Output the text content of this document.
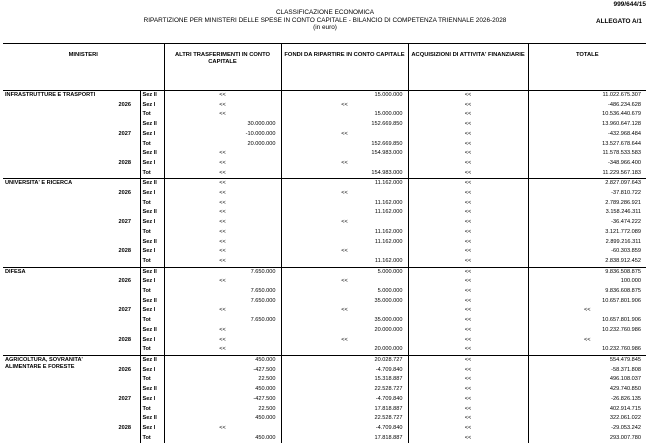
999/644/15
CLASSIFICAZIONE ECONOMICA
RIPARTIZIONE PER MINISTERI DELLE SPESE IN CONTO CAPITALE - BILANCIO DI COMPETENZA TRIENNALE 2026-2028
(in euro)
ALLEGATO A/1
MINISTERI			ALTRI TRASFERIMENTI IN CONTO CAPITALE	FONDI DA RIPARTIRE IN CONTO CAPITALE	ACQUISIZIONI DI ATTIVITA' FINANZIARIE	TOTALE
INFRASTRUTTURE E TRASPORTI	2026	Sez II	<<	15.000.000	<<	11.022.675.307
		Sez I	<<	<<	<<	-486.234.628
		Tot	<<	15.000.000	<<	10.536.440.679
	2027	Sez II	30.000.000	152.669.850	<<	13.960.647.128
		Sez I	-10.000.000	<<	<<	-432.968.484
		Tot	20.000.000	152.669.850	<<	13.527.678.644
	2028	Sez II	<<	154.983.000	<<	11.578.533.583
		Sez I	<<	<<	<<	-348.966.400
		Tot	<<	154.983.000	<<	11.229.567.183
UNIVERSITA' E RICERCA	2026	Sez II	<<	11.162.000	<<	2.827.097.643
		Sez I	<<	<<	<<	-37.810.722
		Tot	<<	11.162.000	<<	2.789.286.921
	2027	Sez II	<<	11.162.000	<<	3.158.246.311
		Sez I	<<	<<	<<	-36.474.222
		Tot	<<	11.162.000	<<	3.121.772.089
	2028	Sez II	<<	11.162.000	<<	2.899.216.311
		Sez I	<<	<<	<<	-60.303.859
		Tot	<<	11.162.000	<<	2.838.912.452
DIFESA	2026	Sez II	7.650.000	5.000.000	<<	9.836.508.875
		Sez I	<<	<<	<<	100.000
		Tot	7.650.000	5.000.000	<<	9.836.608.875
	2027	Sez II	7.650.000	35.000.000	<<	10.657.801.906
		Sez I	<<	<<	<<	<<
		Tot	7.650.000	35.000.000	<<	10.657.801.906
	2028	Sez II	<<	20.000.000	<<	10.232.760.986
		Sez I	<<	<<	<<	<<
		Tot	<<	20.000.000	<<	10.232.760.986
AGRICOLTURA, SOVRANITA' ALIMENTARE E FORESTE	2026	Sez II	450.000	20.028.727	<<	554.479.845
		Sez I	-427.500	-4.709.840	<<	-58.371.808
		Tot	22.500	15.318.887	<<	496.108.037
	2027	Sez II	450.000	22.528.727	<<	429.740.850
		Sez I	-427.500	-4.709.840	<<	-26.826.135
		Tot	22.500	17.818.887	<<	402.914.715
	2028	Sez II	450.000	22.528.727	<<	322.061.022
		Sez I	<<	-4.709.840	<<	-29.053.242
		Tot	450.000	17.818.887	<<	293.007.780
